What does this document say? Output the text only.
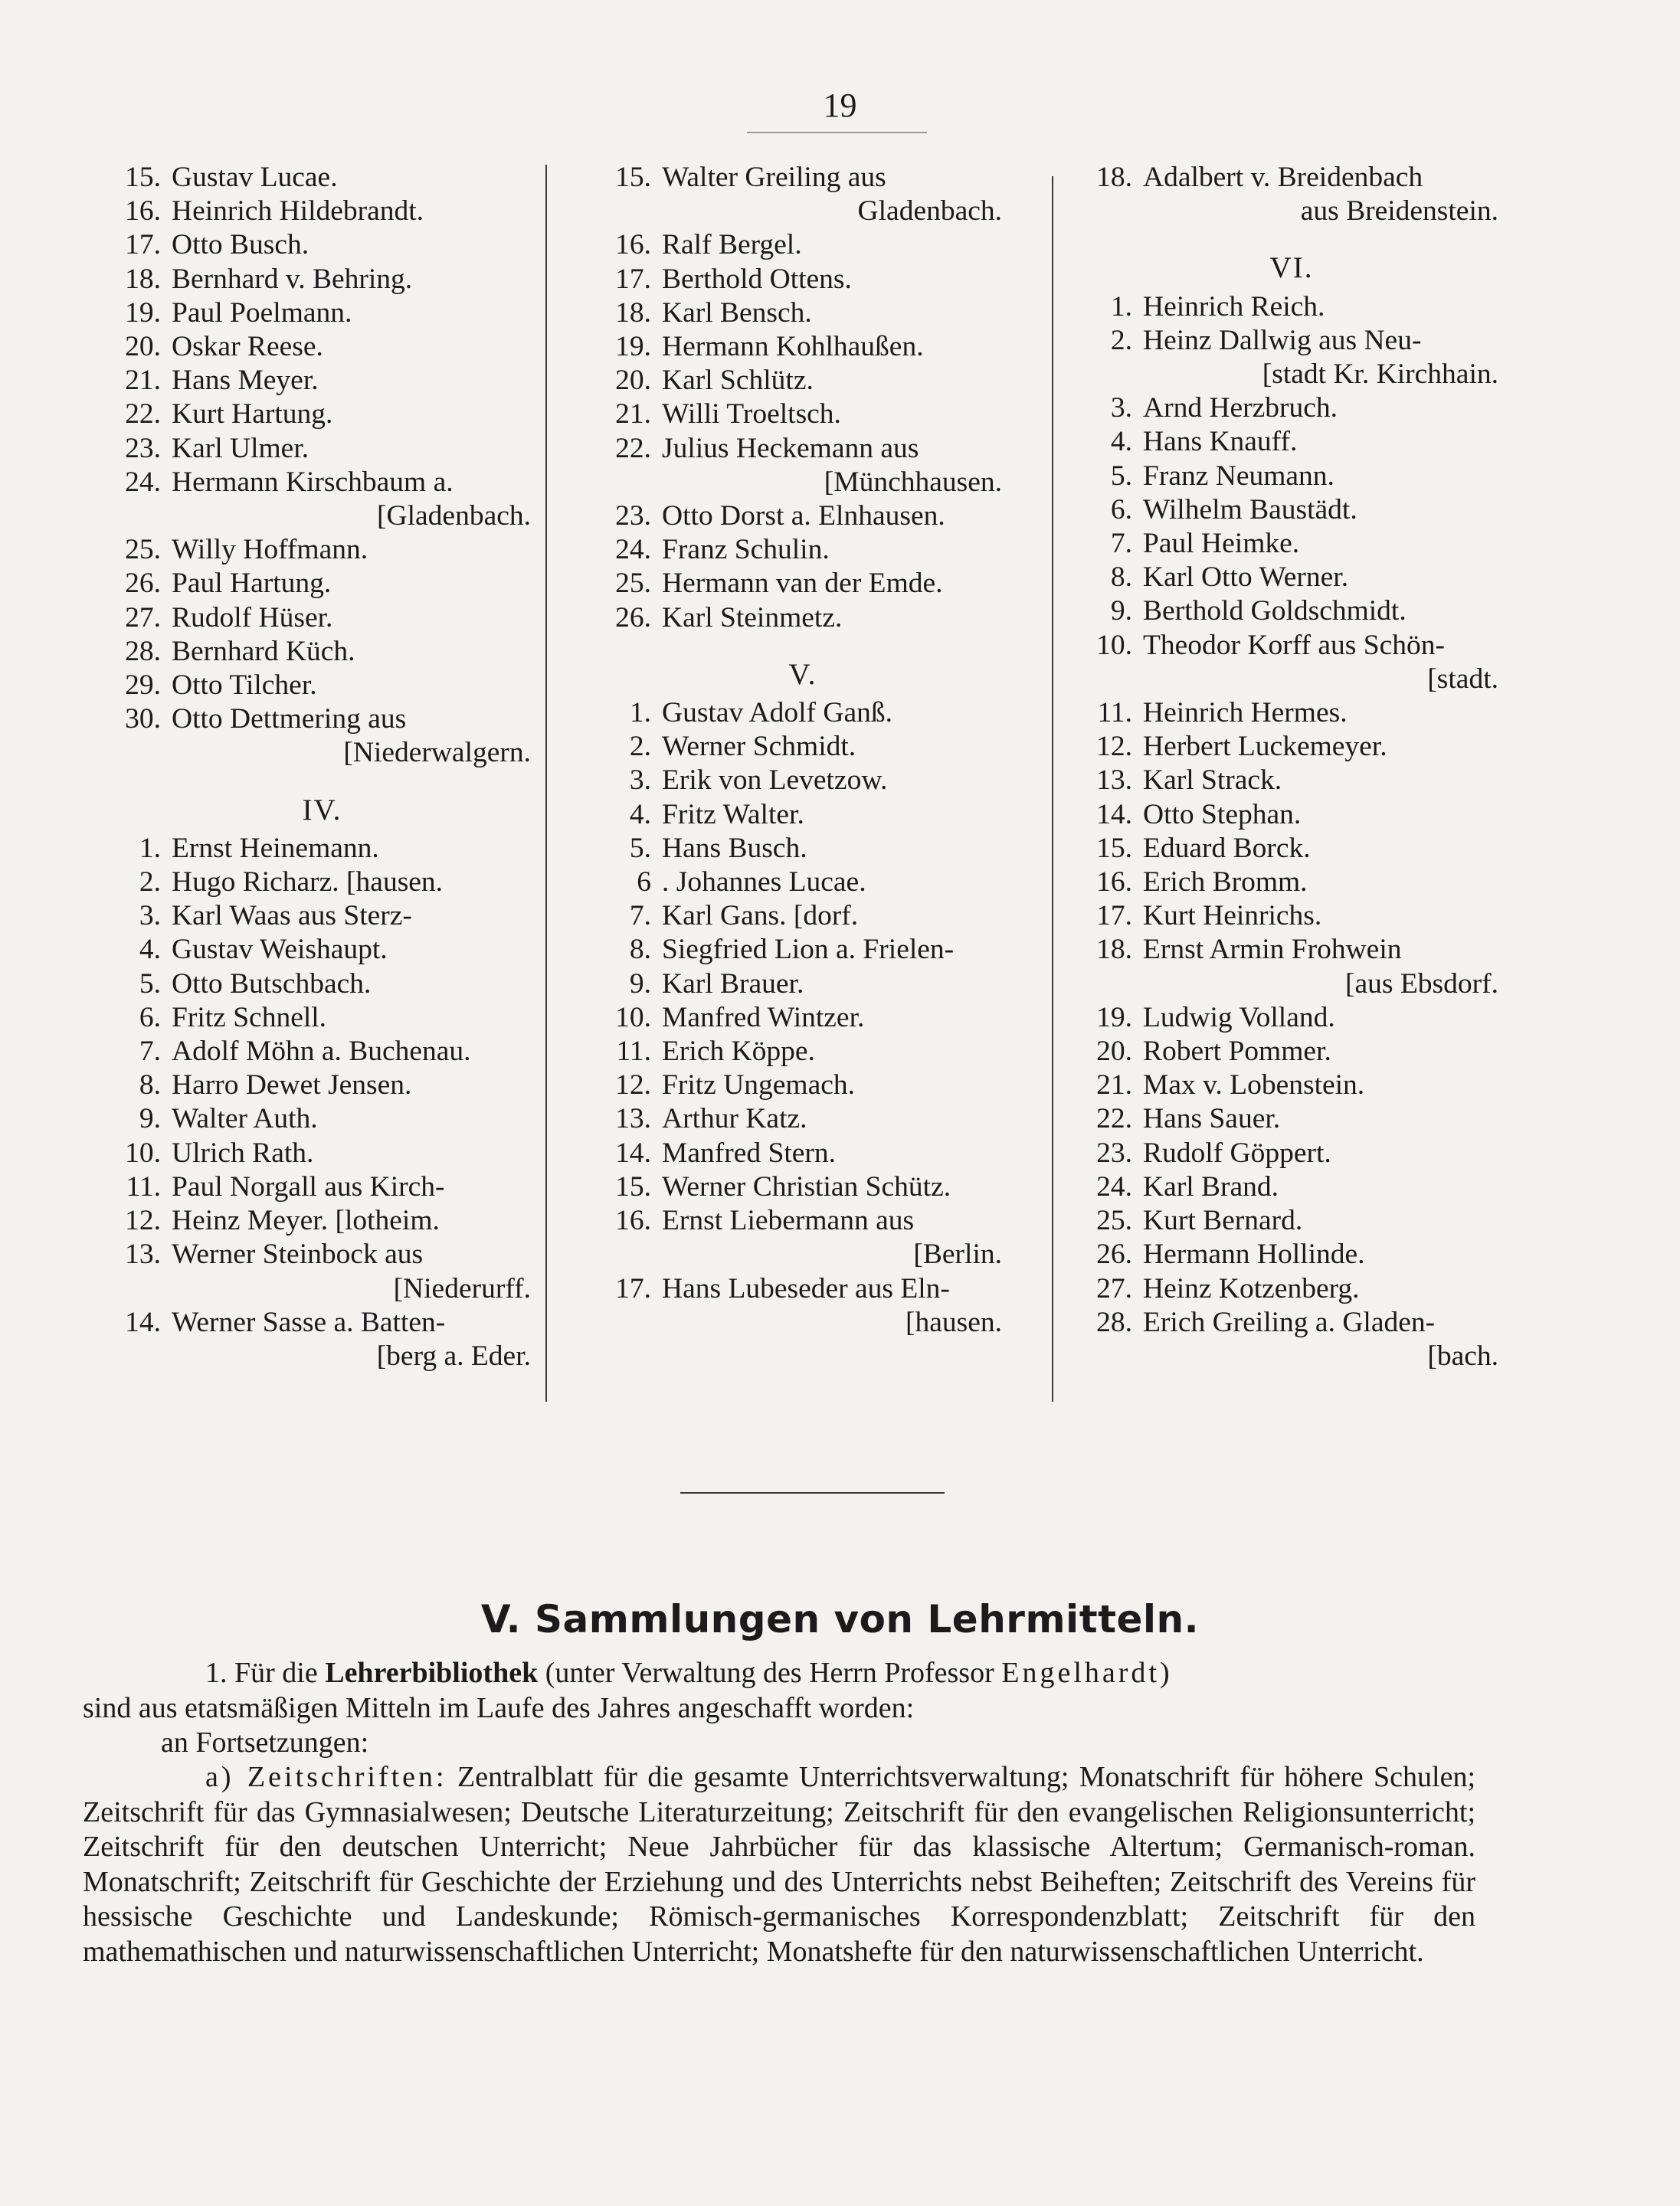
19
15. Gustav Lucae.
16. Heinrich Hildebrandt.
17. Otto Busch.
18. Bernhard v. Behring.
19. Paul Poelmann.
20. Oskar Reese.
21. Hans Meyer.
22. Kurt Hartung.
23. Karl Ulmer.
24. Hermann Kirschbaum a.
[Gladenbach.
25. Willy Hoffmann.
26. Paul Hartung.
27. Rudolf Hüser.
28. Bernhard Küch.
29. Otto Tilcher.
30. Otto Dettmering aus
[Niederwalgern.
IV.
1. Ernst Heinemann.
2. Hugo Richarz. [hausen.
3. Karl Waas aus Sterz-
4. Gustav Weishaupt.
5. Otto Butschbach.
6. Fritz Schnell.
7. Adolf Möhn a. Buchenau.
8. Harro Dewet Jensen.
9. Walter Auth.
10. Ulrich Rath.
11. Paul Norgall aus Kirch-
12. Heinz Meyer. [lotheim.
13. Werner Steinbock aus
[Niederurff.
14. Werner Sasse a. Batten-
[berg a. Eder.
15. Walter Greiling aus
Gladenbach.
16. Ralf Bergel.
17. Berthold Ottens.
18. Karl Bensch.
19. Hermann Kohlhaußen.
20. Karl Schlütz.
21. Willi Troeltsch.
22. Julius Heckemann aus
[Münchhausen.
23. Otto Dorst a. Elnhausen.
24. Franz Schulin.
25. Hermann van der Emde.
26. Karl Steinmetz.
V.
1. Gustav Adolf Ganß.
2. Werner Schmidt.
3. Erik von Levetzow.
4. Fritz Walter.
5. Hans Busch.
6 . Johannes Lucae.
7. Karl Gans. [dorf.
8. Siegfried Lion a. Frielen-
9. Karl Brauer.
10. Manfred Wintzer.
11. Erich Köppe.
12. Fritz Ungemach.
13. Arthur Katz.
14. Manfred Stern.
15. Werner Christian Schütz.
16. Ernst Liebermann aus
[Berlin.
17. Hans Lubeseder aus Eln-
[hausen.
18. Adalbert v. Breidenbach
aus Breidenstein.
VI.
1. Heinrich Reich.
2. Heinz Dallwig aus Neu-
[stadt Kr. Kirchhain.
3. Arnd Herzbruch.
4. Hans Knauff.
5. Franz Neumann.
6. Wilhelm Baustädt.
7. Paul Heimke.
8. Karl Otto Werner.
9. Berthold Goldschmidt.
10. Theodor Korff aus Schön-
[stadt.
11. Heinrich Hermes.
12. Herbert Luckemeyer.
13. Karl Strack.
14. Otto Stephan.
15. Eduard Borck.
16. Erich Bromm.
17. Kurt Heinrichs.
18. Ernst Armin Frohwein
[aus Ebsdorf.
19. Ludwig Volland.
20. Robert Pommer.
21. Max v. Lobenstein.
22. Hans Sauer.
23. Rudolf Göppert.
24. Karl Brand.
25. Kurt Bernard.
26. Hermann Hollinde.
27. Heinz Kotzenberg.
28. Erich Greiling a. Gladen-
[bach.
V. Sammlungen von Lehrmitteln.
1. Für die Lehrerbibliothek (unter Verwaltung des Herrn Professor Engelhardt)
sind aus etatsmäßigen Mitteln im Laufe des Jahres angeschafft worden:
an Fortsetzungen:
a) Zeitschriften: Zentralblatt für die gesamte Unterrichtsverwaltung; Monatschrift für höhere Schulen; Zeitschrift für das Gymnasialwesen; Deutsche Literaturzeitung; Zeitschrift für den evangelischen Religionsunterricht; Zeitschrift für den deutschen Unterricht; Neue Jahrbücher für das klassische Altertum; Germanisch-roman. Monatschrift; Zeitschrift für Geschichte der Erziehung und des Unterrichts nebst Beiheften; Zeitschrift des Vereins für hessische Geschichte und Landeskunde; Römisch-germanisches Korrespondenzblatt; Zeitschrift für den mathemathischen und naturwissenschaftlichen Unterricht; Monatshefte für den naturwissenschaftlichen Unterricht.
